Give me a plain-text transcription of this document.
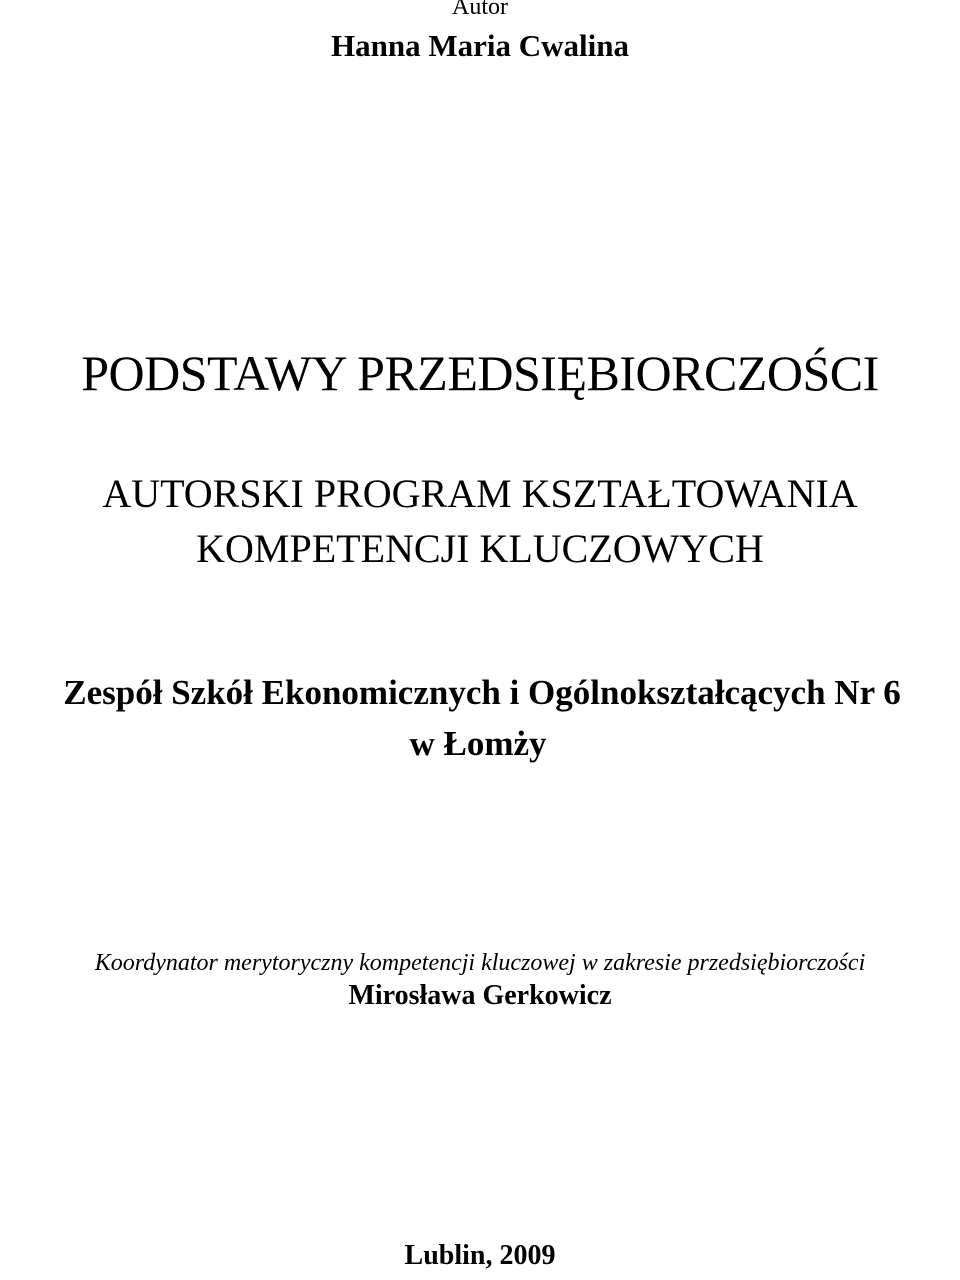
Autor

Hanna Maria Cwalina

PODSTAWY PRZEDSIĘBIORCZOŚCI

AUTORSKI PROGRAM KSZTAŁTOWANIA

KOMPETENCJI KLUCZOWYCH

Zespół Szkół Ekonomicznych i Ogólnokształcących Nr 6

w Łomży

Koordynator merytoryczny kompetencji kluczowej w zakresie przedsiębiorczości

Mirosława Gerkowicz

Lublin, 2009
